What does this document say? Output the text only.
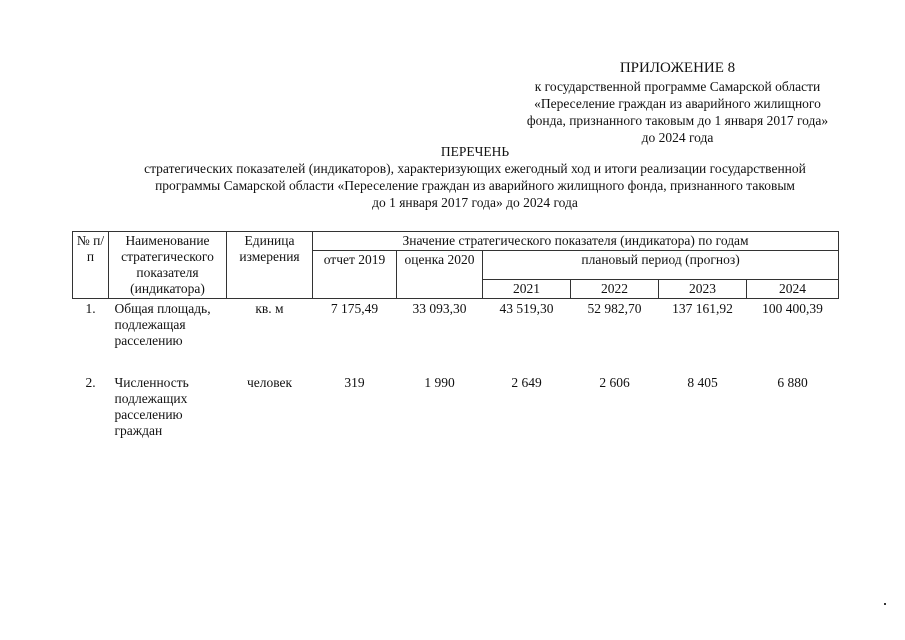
ПРИЛОЖЕНИЕ 8
к государственной программе Самарской области
«Переселение граждан из аварийного жилищного
фонда, признанного таковым до 1 января 2017 года»
до 2024 года
ПЕРЕЧЕНЬ
стратегических показателей (индикаторов), характеризующих ежегодный ход и итоги реализации государственной
программы Самарской области «Переселение граждан из аварийного жилищного фонда, признанного таковым
до 1 января 2017 года» до 2024 года
№ п/п	Наименование стратегического показателя (индикатора)	Единица измерения	Значение стратегического показателя (индикатора) по годам					
			отчет 2019	оценка 2020	плановый период (прогноз)			
					2021	2022	2023	2024
1.	Общая площадь, подлежащая расселению	кв. м	7 175,49	33 093,30	43 519,30	52 982,70	137 161,92	100 400,39
2.	Численность подлежащих расселению граждан	человек	319	1 990	2 649	2 606	8 405	6 880
